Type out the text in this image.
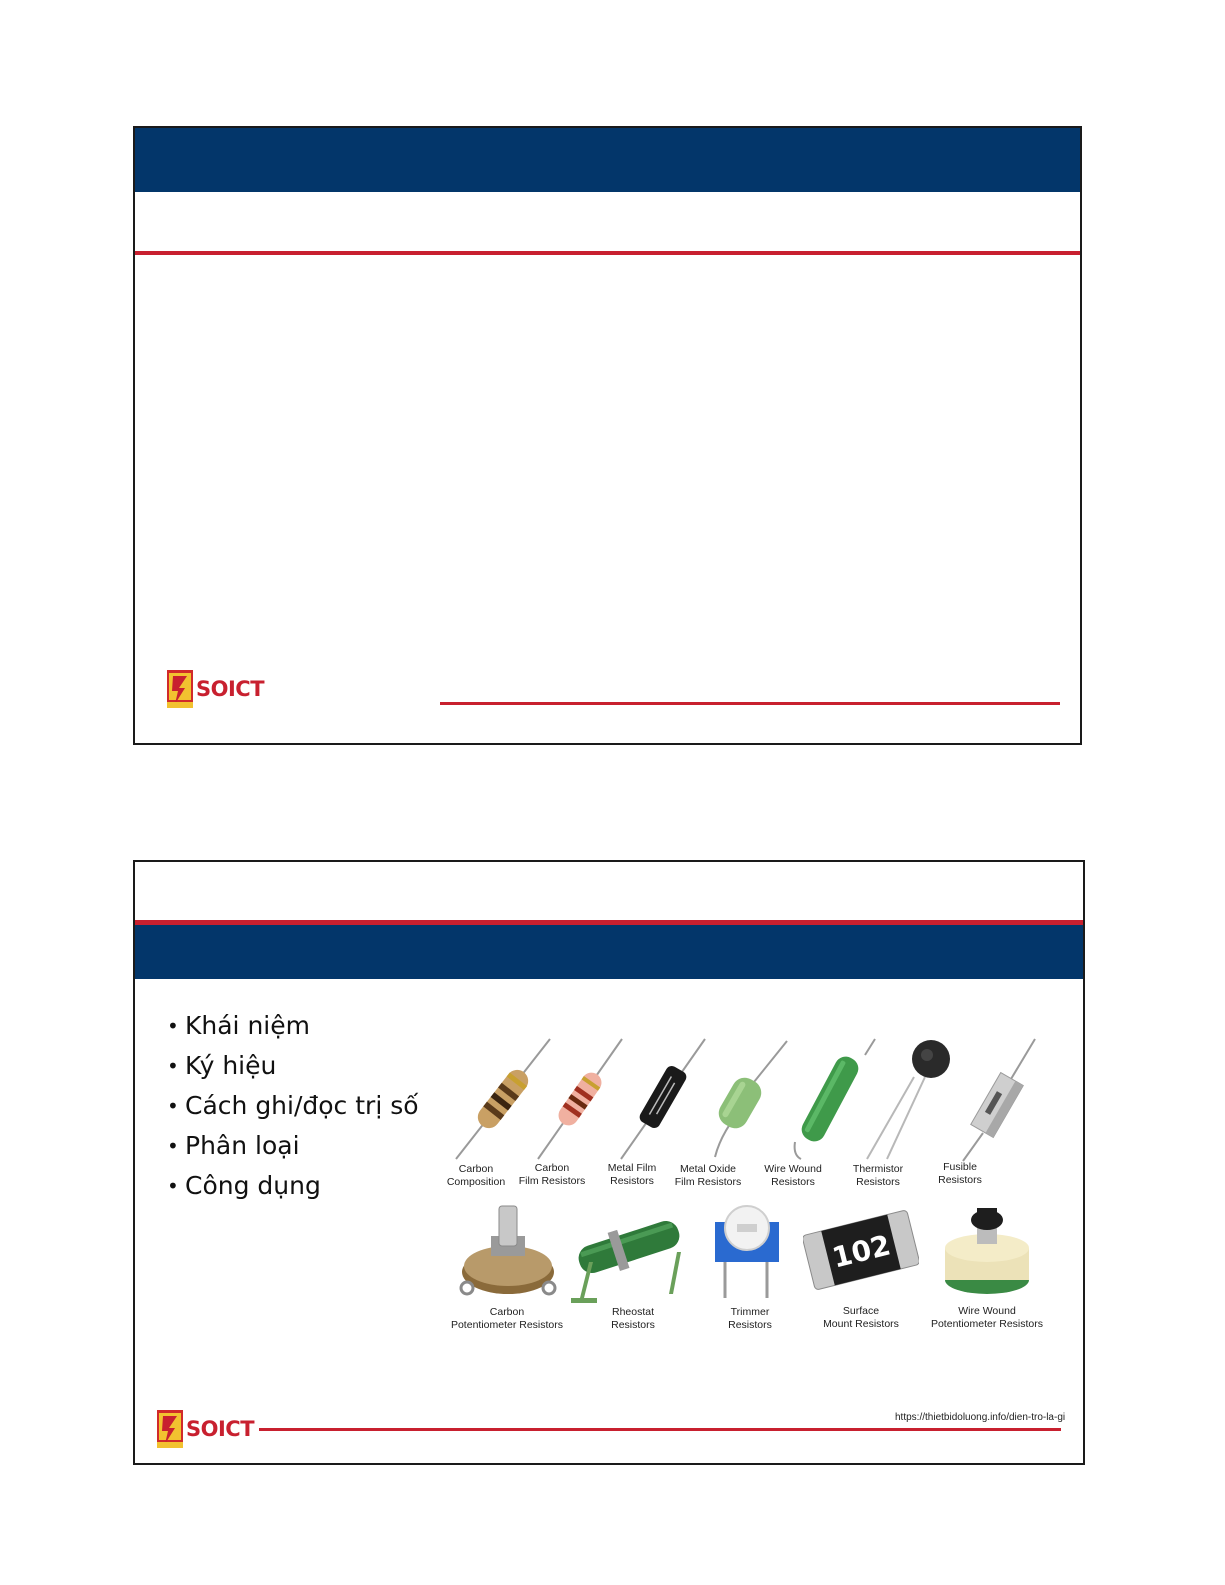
SOICT
• Khái niệm
• Ký hiệu
• Cách ghi/đọc trị số
• Phân loại
• Công dụng
Carbon
Composition
Carbon
Film Resistors
Metal Film
Resistors
Metal Oxide
Film Resistors
Wire Wound
Resistors
Thermistor
Resistors
Fusible
Resistors
102
Carbon
Potentiometer Resistors
Rheostat
Resistors
Trimmer
Resistors
Surface
Mount Resistors
Wire Wound
Potentiometer Resistors
https://thietbidoluong.info/dien-tro-la-gi
SOICT
